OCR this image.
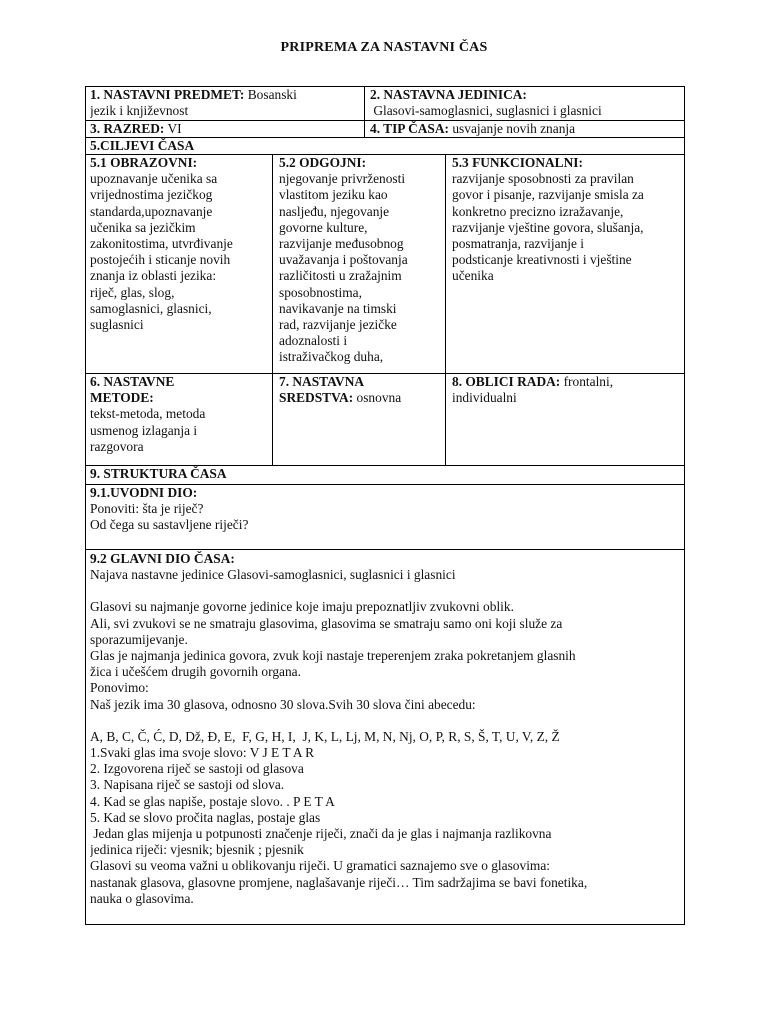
PRIPREMA ZA NASTAVNI ČAS
1. NASTAVNI PREDMET: Bosanski
jezik i književnost
2. NASTAVNA JEDINICA:
Glasovi-samoglasnici, suglasnici i glasnici
3. RAZRED: VI	4. TIP ČASA: usvajanje novih znanja
5.CILJEVI ČASA
5.1 OBRAZOVNI:
upoznavanje učenika sa
vrijednostima jezičkog
standarda,upoznavanje
učenika sa jezičkim
zakonitostima, utvrđivanje
postojećih i sticanje novih
znanja iz oblasti jezika:
riječ, glas, slog,
samoglasnici, glasnici,
suglasnici
5.2 ODGOJNI:
njegovanje privrženosti
vlastitom jeziku kao
nasljeđu, njegovanje
govorne kulture,
razvijanje međusobnog
uvažavanja i poštovanja
različitosti u zražajnim
sposobnostima,
navikavanje na timski
rad, razvijanje jezičke
adoznalosti i
istraživačkog duha,
5.3 FUNKCIONALNI:
razvijanje sposobnosti za pravilan
govor i pisanje, razvijanje smisla za
konkretno precizno izražavanje,
razvijanje vještine govora, slušanja,
posmatranja, razvijanje i
podsticanje kreativnosti i vještine
učenika
6. NASTAVNE
METODE:
tekst-metoda, metoda
usmenog izlaganja i
razgovora
7. NASTAVNA
SREDSTVA: osnovna
8. OBLICI RADA: frontalni,
individualni
9. STRUKTURA ČASA
9.1.UVODNI DIO:
Ponoviti: šta je riječ?
Od čega su sastavljene riječi?
9.2 GLAVNI DIO ČASA:
Najava nastavne jedinice Glasovi-samoglasnici, suglasnici i glasnici
Glasovi su najmanje govorne jedinice koje imaju prepoznatljiv zvukovni oblik.
Ali, svi zvukovi se ne smatraju glasovima, glasovima se smatraju samo oni koji služe za
sporazumijevanje.
Glas je najmanja jedinica govora, zvuk koji nastaje treperenjem zraka pokretanjem glasnih
žica i učešćem drugih govornih organa.
Ponovimo:
Naš jezik ima 30 glasova, odnosno 30 slova.Svih 30 slova čini abecedu:
A, B, C, Č, Ć, D, Dž, Đ, E,  F, G, H, I,  J, K, L, Lj, M, N, Nj, O, P, R, S, Š, T, U, V, Z, Ž
1.Svaki glas ima svoje slovo: V J E T A R
2. Izgovorena riječ se sastoji od glasova
3. Napisana riječ se sastoji od slova.
4. Kad se glas napiše, postaje slovo. . P E T A
5. Kad se slovo pročita naglas, postaje glas
Jedan glas mijenja u potpunosti značenje riječi, znači da je glas i najmanja razlikovna
jedinica riječi: vjesnik; bjesnik ; pjesnik
Glasovi su veoma važni u oblikovanju riječi. U gramatici saznajemo sve o glasovima:
nastanak glasova, glasovne promjene, naglašavanje riječi… Tim sadržajima se bavi fonetika,
nauka o glasovima.
